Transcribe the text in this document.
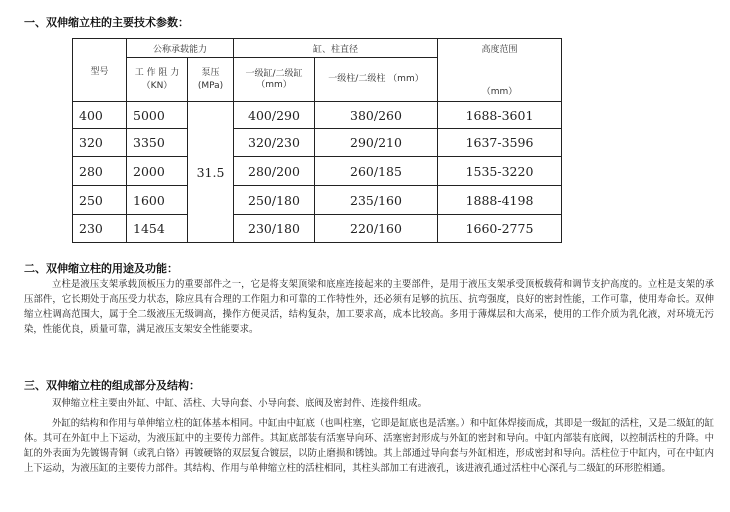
一、双伸缩立柱的主要技术参数：
型号	公称承载能力		缸、柱直径		高度范围
	工 作 阻 力 （KN）	泵压 (MPa)	一级缸/二级缸 （mm）	一级柱/二级柱 （mm）	（mm）
400	5000	31.5	400/290	380/260	1688-3601
320	3350		320/230	290/210	1637-3596
280	2000		280/200	260/185	1535-3220
250	1600		250/180	235/160	1888-4198
230	1454		230/180	220/160	1660-2775
二、双伸缩立柱的用途及功能：

立柱是液压支架承载顶板压力的重要部件之一，它是将支架顶梁和底座连接起来的主要部件，是用于液压支架承受顶板载荷和调节支护高度的。立柱是支架的承压部件，它长期处于高压受力状态，除应具有合理的工作阻力和可靠的工作特性外，还必须有足够的抗压、抗弯强度，良好的密封性能，工作可靠，使用寿命长。双伸缩立柱调高范围大，属于全二级液压无级调高，操作方便灵活，结构复杂，加工要求高，成本比较高。多用于薄煤层和大高采，使用的工作介质为乳化液，对环境无污染，性能优良，质量可靠，满足液压支架安全性能要求。

三、双伸缩立柱的组成部分及结构：

双伸缩立柱主要由外缸、中缸、活柱、大导向套、小导向套、底阀及密封件、连接件组成。

外缸的结构和作用与单伸缩立柱的缸体基本相同。中缸由中缸底（也叫柱塞，它即是缸底也是活塞。）和中缸体焊接而成，其即是一级缸的活柱，又是二级缸的缸体。其可在外缸中上下运动，为液压缸中的主要传力部件。其缸底部装有活塞导向环、活塞密封形成与外缸的密封和导向。中缸内部装有底阀，以控制活柱的升降。中缸的外表面为先镀锡青铜（或乳白铬）再镀硬铬的双层复合镀层，以防止磨损和锈蚀。其上部通过导向套与外缸相连，形成密封和导向。活柱位于中缸内，可在中缸内上下运动，为液压缸的主要传力部件。其结构、作用与单伸缩立柱的活柱相同，其柱头部加工有进液孔，该进液孔通过活柱中心深孔与二级缸的环形腔相通。
